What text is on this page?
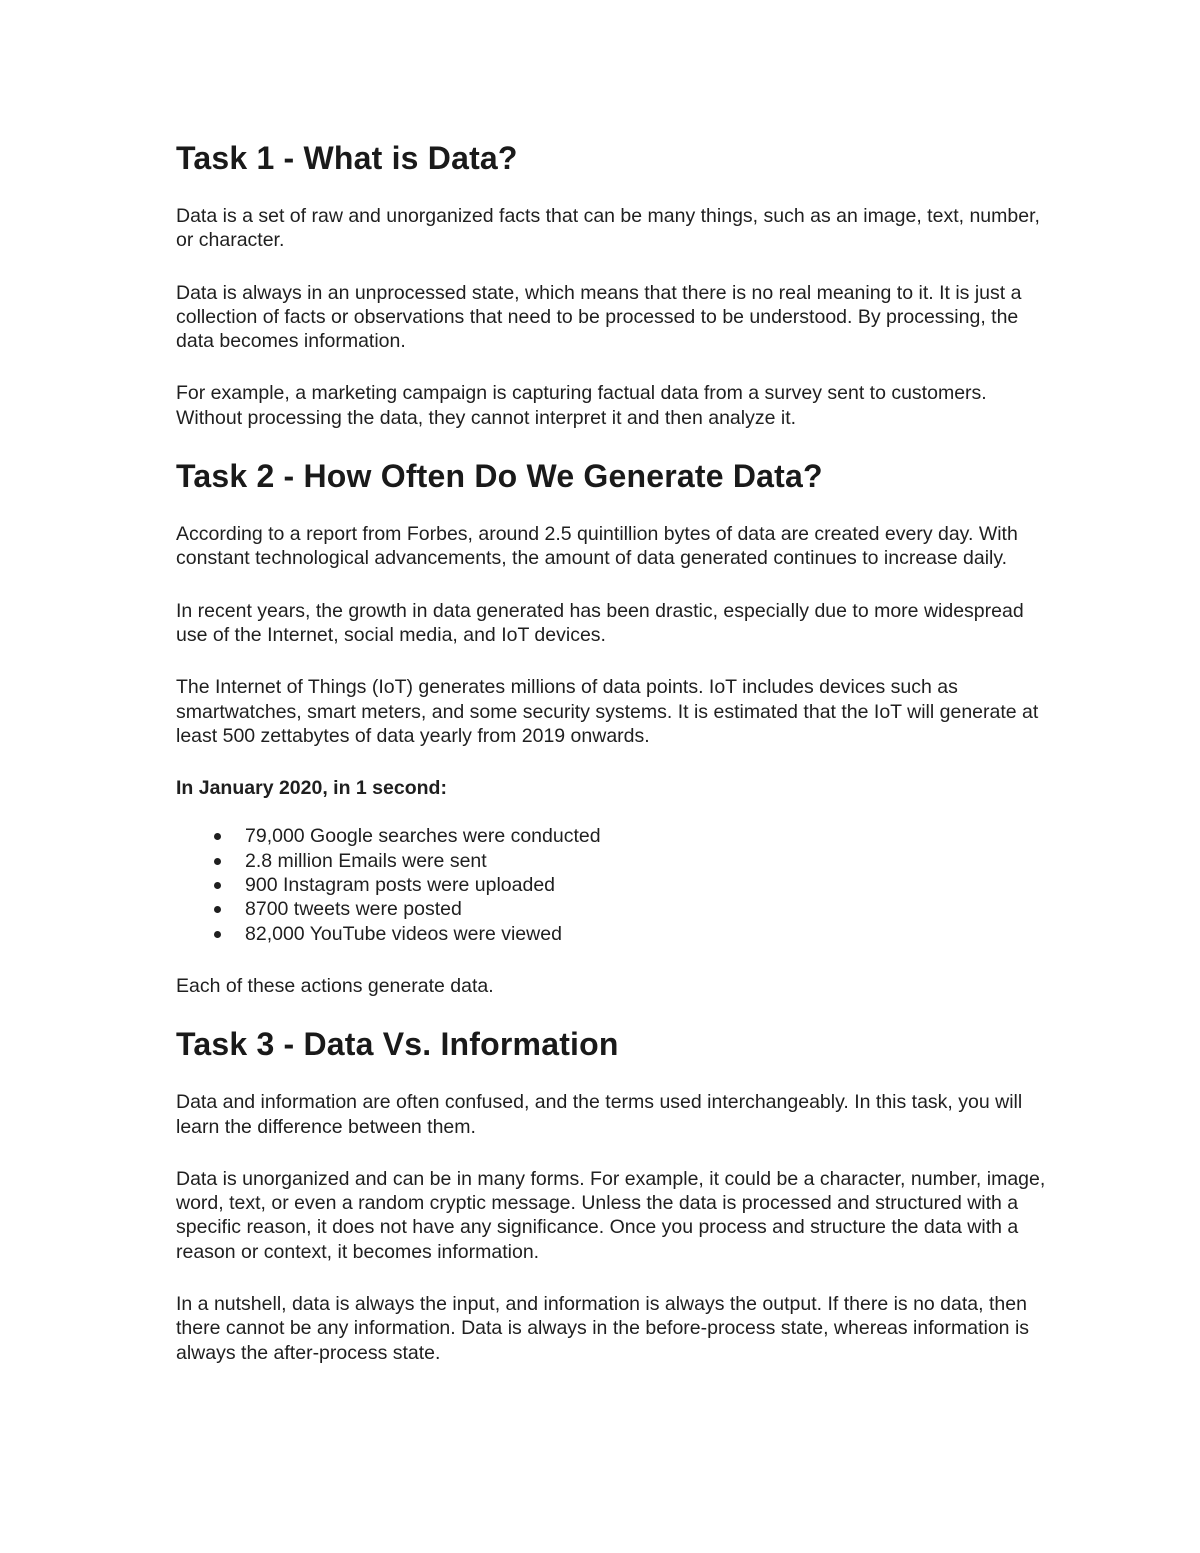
Task 1 - What is Data?

Data is a set of raw and unorganized facts that can be many things, such as an image, text, number, or character.

Data is always in an unprocessed state, which means that there is no real meaning to it. It is just a collection of facts or observations that need to be processed to be understood. By processing, the data becomes information.

For example, a marketing campaign is capturing factual data from a survey sent to customers. Without processing the data, they cannot interpret it and then analyze it.

Task 2 - How Often Do We Generate Data?

According to a report from Forbes, around 2.5 quintillion bytes of data are created every day. With constant technological advancements, the amount of data generated continues to increase daily.

In recent years, the growth in data generated has been drastic, especially due to more widespread use of the Internet, social media, and IoT devices.

The Internet of Things (IoT) generates millions of data points. IoT includes devices such as smartwatches, smart meters, and some security systems. It is estimated that the IoT will generate at least 500 zettabytes of data yearly from 2019 onwards.

In January 2020, in 1 second:

79,000 Google searches were conducted
2.8 million Emails were sent
900 Instagram posts were uploaded
8700 tweets were posted
82,000 YouTube videos were viewed

Each of these actions generate data.

Task 3 - Data Vs. Information

Data and information are often confused, and the terms used interchangeably. In this task, you will learn the difference between them.

Data is unorganized and can be in many forms. For example, it could be a character, number, image, word, text, or even a random cryptic message. Unless the data is processed and structured with a specific reason, it does not have any significance. Once you process and structure the data with a reason or context, it becomes information.

In a nutshell, data is always the input, and information is always the output. If there is no data, then there cannot be any information. Data is always in the before-process state, whereas information is always the after-process state.
